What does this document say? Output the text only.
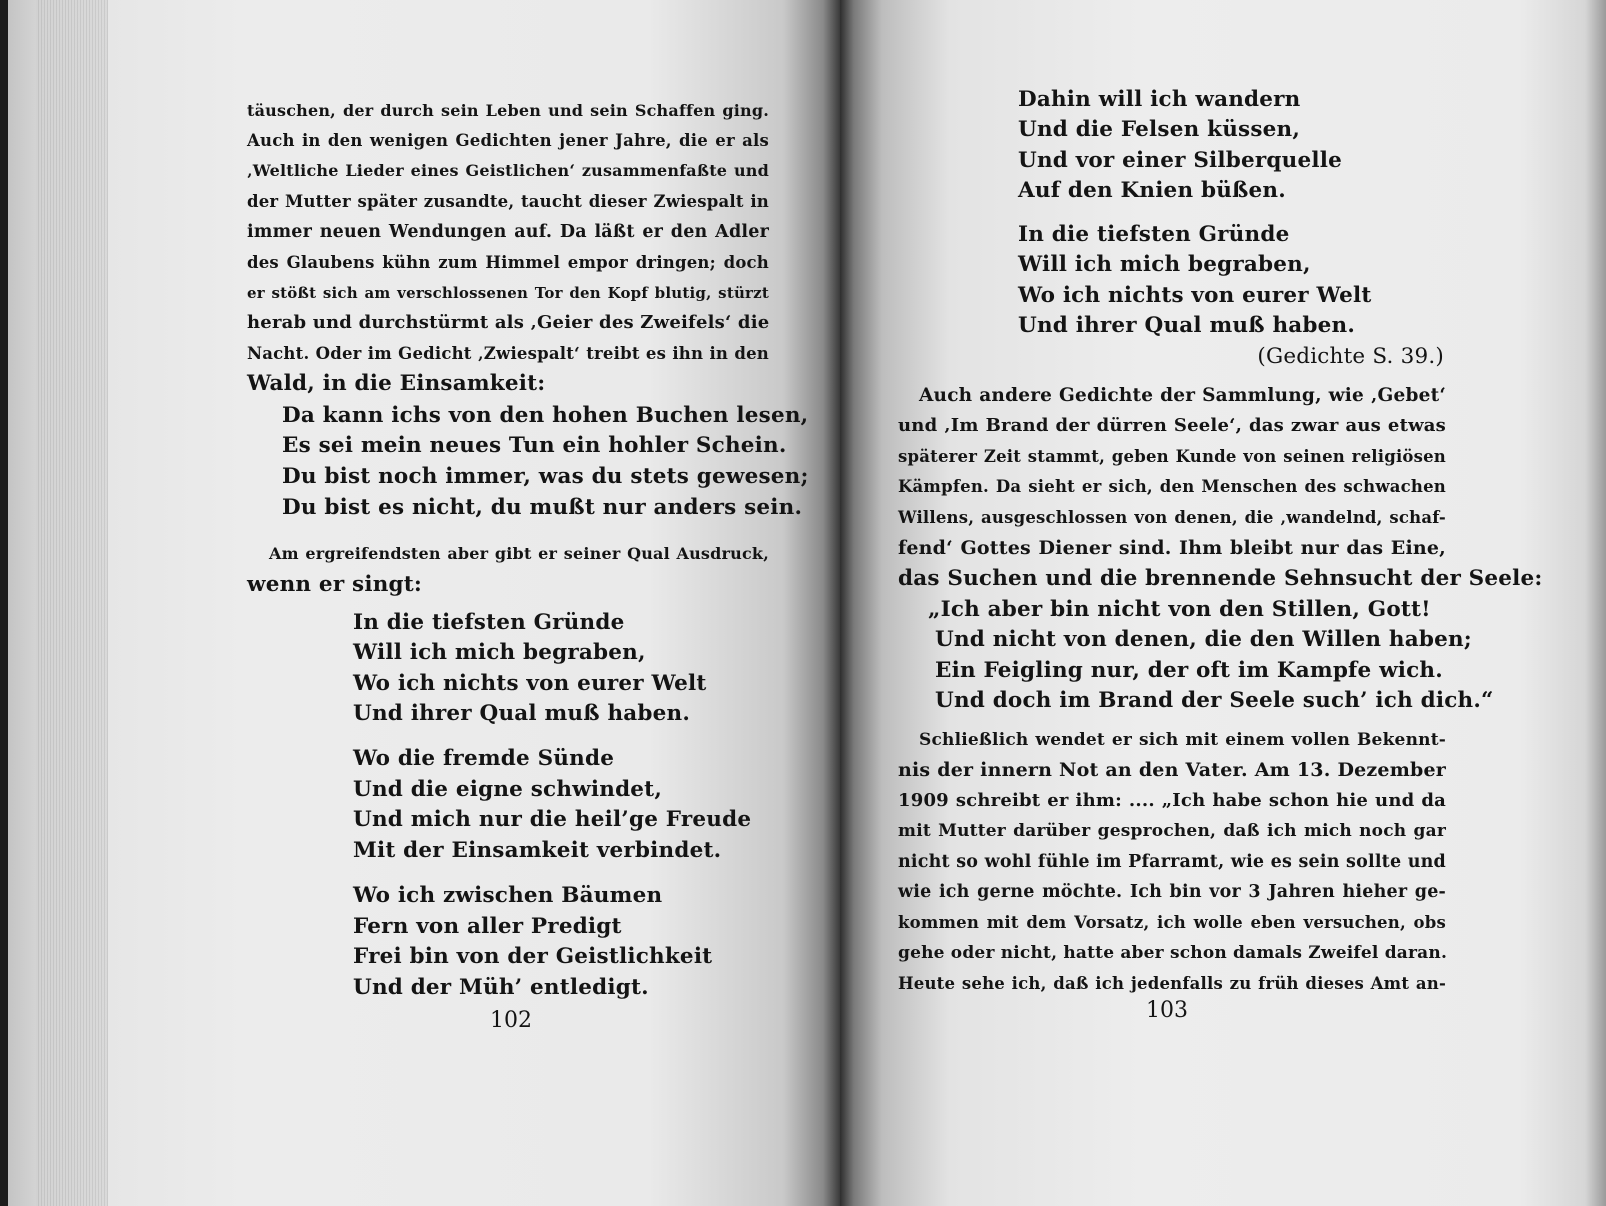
täuschen, der durch sein Leben und sein Schaffen ging.

Auch in den wenigen Gedichten jener Jahre, die er als

‚Weltliche Lieder eines Geistlichen‘ zusammenfaßte und

der Mutter später zusandte, taucht dieser Zwiespalt in

immer neuen Wendungen auf. Da läßt er den Adler

des Glaubens kühn zum Himmel empor dringen; doch

er stößt sich am verschlossenen Tor den Kopf blutig, stürzt

herab und durchstürmt als ‚Geier des Zweifels‘ die

Nacht. Oder im Gedicht ‚Zwiespalt‘ treibt es ihn in den

Wald, in die Einsamkeit:

Da kann ichs von den hohen Buchen lesen,

Es sei mein neues Tun ein hohler Schein.

Du bist noch immer, was du stets gewesen;

Du bist es nicht, du mußt nur anders sein.

Am ergreifendsten aber gibt er seiner Qual Ausdruck,

wenn er singt:

In die tiefsten Gründe

Will ich mich begraben,

Wo ich nichts von eurer Welt

Und ihrer Qual muß haben.

Wo die fremde Sünde

Und die eigne schwindet,

Und mich nur die heil’ge Freude

Mit der Einsamkeit verbindet.

Wo ich zwischen Bäumen

Fern von aller Predigt

Frei bin von der Geistlichkeit

Und der Müh’ entledigt.

102

Dahin will ich wandern

Und die Felsen küssen,

Und vor einer Silberquelle

Auf den Knien büßen.

In die tiefsten Gründe

Will ich mich begraben,

Wo ich nichts von eurer Welt

Und ihrer Qual muß haben.

(Gedichte S. 39.)

Auch andere Gedichte der Sammlung, wie ‚Gebet‘

und ‚Im Brand der dürren Seele‘, das zwar aus etwas

späterer Zeit stammt, geben Kunde von seinen religiösen

Kämpfen. Da sieht er sich, den Menschen des schwachen

Willens, ausgeschlossen von denen, die ‚wandelnd, schaf-

fend‘ Gottes Diener sind. Ihm bleibt nur das Eine,

das Suchen und die brennende Sehnsucht der Seele:

„Ich aber bin nicht von den Stillen, Gott!

Und nicht von denen, die den Willen haben;

Ein Feigling nur, der oft im Kampfe wich.

Und doch im Brand der Seele such’ ich dich.“

Schließlich wendet er sich mit einem vollen Bekennt-

nis der innern Not an den Vater. Am 13. Dezember

1909 schreibt er ihm: .... „Ich habe schon hie und da

mit Mutter darüber gesprochen, daß ich mich noch gar

nicht so wohl fühle im Pfarramt, wie es sein sollte und

wie ich gerne möchte. Ich bin vor 3 Jahren hieher ge-

kommen mit dem Vorsatz, ich wolle eben versuchen, obs

gehe oder nicht, hatte aber schon damals Zweifel daran.

Heute sehe ich, daß ich jedenfalls zu früh dieses Amt an-

103
